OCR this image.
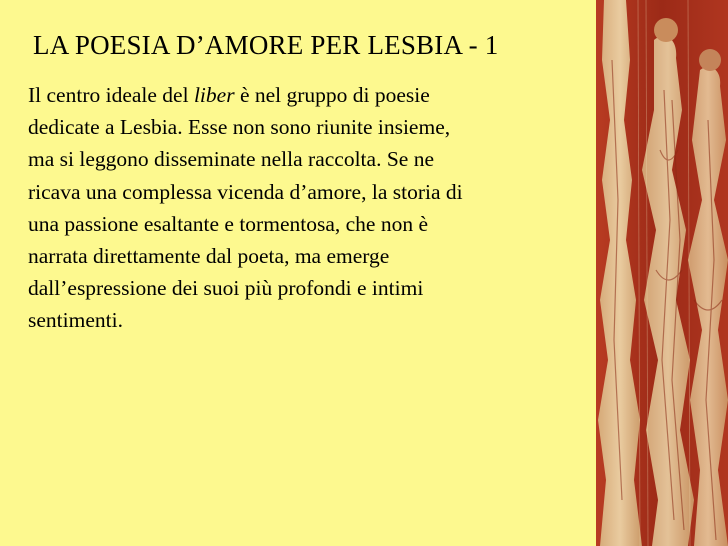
LA POESIA D’AMORE PER LESBIA - 1

Il centro ideale del liber è nel gruppo di poesie
dedicate a Lesbia. Esse non sono riunite insieme,
ma si leggono disseminate nella raccolta. Se ne
ricava una complessa vicenda d’amore, la storia di
una passione esaltante e tormentosa, che non è
narrata direttamente dal poeta, ma emerge
dall’espressione dei suoi più profondi e intimi
sentimenti.
